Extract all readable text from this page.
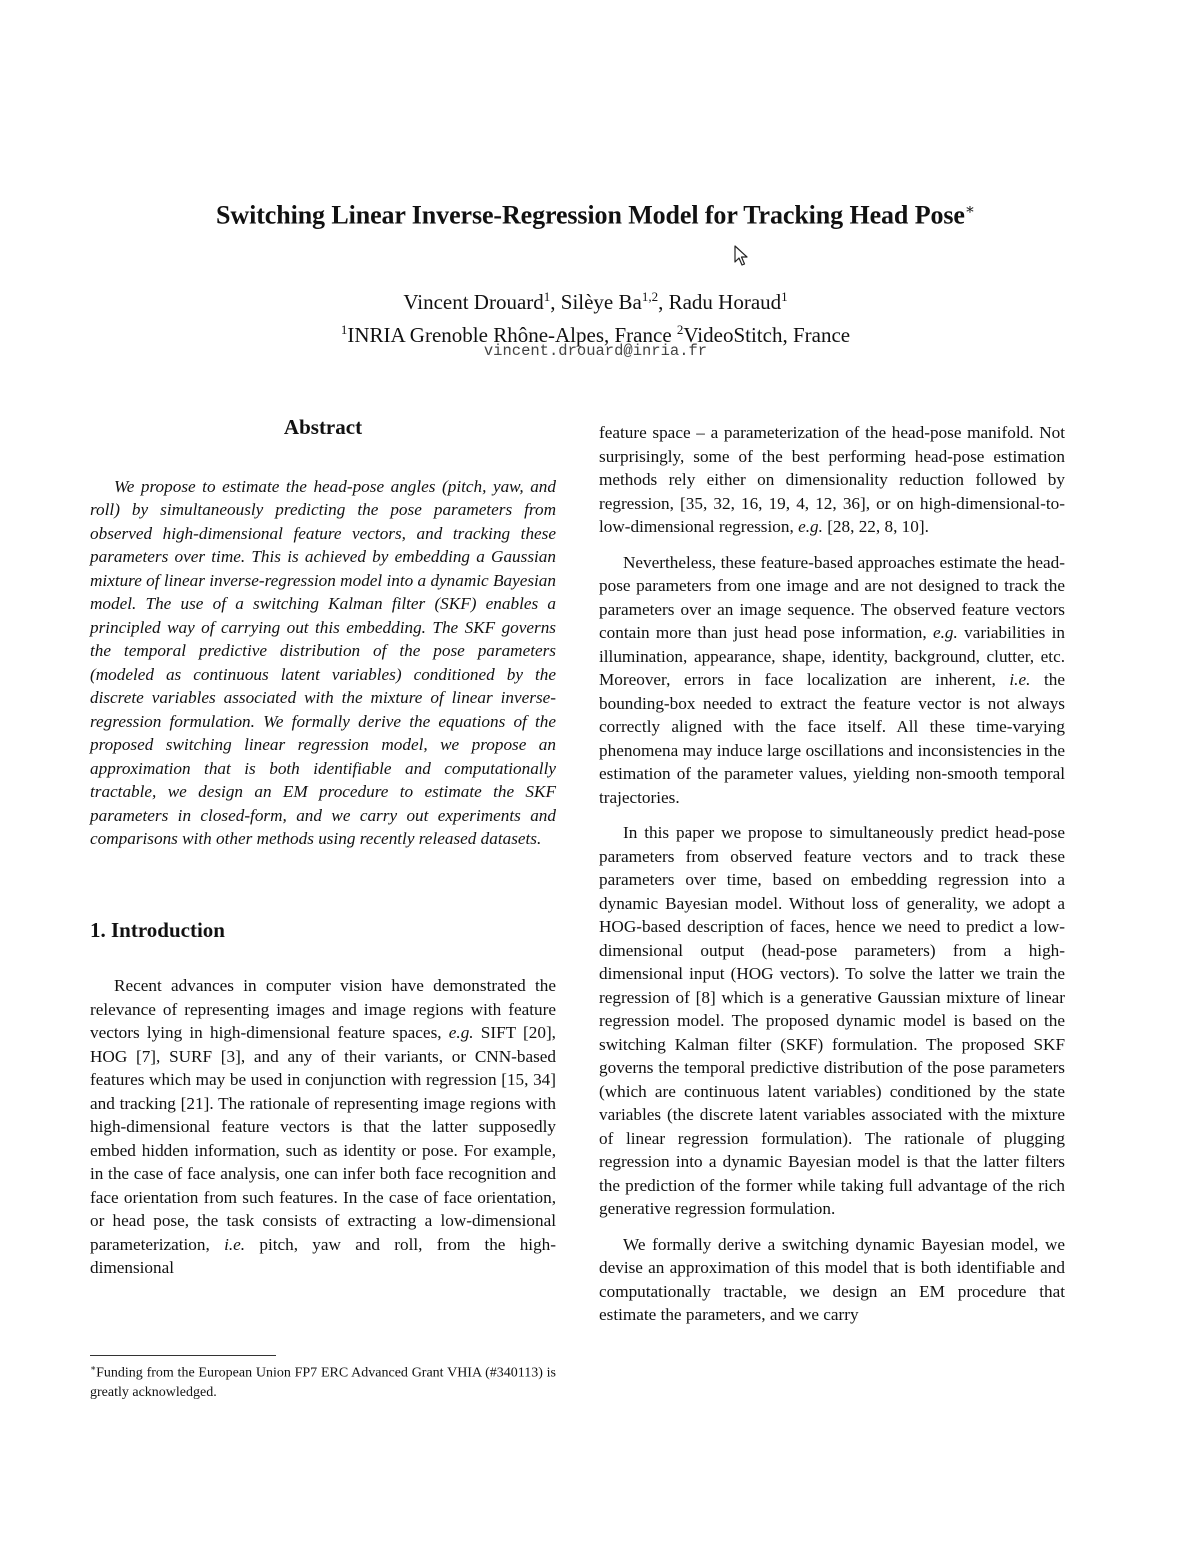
Switching Linear Inverse-Regression Model for Tracking Head Pose∗
Vincent Drouard$^1$, Silèye Ba$^{1,2}$, Radu Horaud$^1$
$^1$INRIA Grenoble Rhône-Alpes, France $^2$VideoStitch, France
vincent.drouard@inria.fr
Abstract

We propose to estimate the head-pose angles (pitch, yaw, and roll) by simultaneously predicting the pose parameters from observed high-dimensional feature vectors, and tracking these parameters over time. This is achieved by embedding a Gaussian mixture of linear inverse-regression model into a dynamic Bayesian model. The use of a switching Kalman filter (SKF) enables a principled way of carrying out this embedding. The SKF governs the temporal predictive distribution of the pose parameters (modeled as continuous latent variables) conditioned by the discrete variables associated with the mixture of linear inverse-regression formulation. We formally derive the equations of the proposed switching linear regression model, we propose an approximation that is both identifiable and computationally tractable, we design an EM procedure to estimate the SKF parameters in closed-form, and we carry out experiments and comparisons with other methods using recently released datasets.

1. Introduction

Recent advances in computer vision have demonstrated the relevance of representing images and image regions with feature vectors lying in high-dimensional feature spaces, e.g. SIFT [20], HOG [7], SURF [3], and any of their variants, or CNN-based features which may be used in conjunction with regression [15, 34] and tracking [21]. The rationale of representing image regions with high-dimensional feature vectors is that the latter supposedly embed hidden information, such as identity or pose. For example, in the case of face analysis, one can infer both face recognition and face orientation from such features. In the case of face orientation, or head pose, the task consists of extracting a low-dimensional parameterization, i.e. pitch, yaw and roll, from the high-dimensional

feature space – a parameterization of the head-pose manifold. Not surprisingly, some of the best performing head-pose estimation methods rely either on dimensionality reduction followed by regression, [35, 32, 16, 19, 4, 12, 36], or on high-dimensional-to-low-dimensional regression, e.g. [28, 22, 8, 10].

Nevertheless, these feature-based approaches estimate the head-pose parameters from one image and are not designed to track the parameters over an image sequence. The observed feature vectors contain more than just head pose information, e.g. variabilities in illumination, appearance, shape, identity, background, clutter, etc. Moreover, errors in face localization are inherent, i.e. the bounding-box needed to extract the feature vector is not always correctly aligned with the face itself. All these time-varying phenomena may induce large oscillations and inconsistencies in the estimation of the parameter values, yielding non-smooth temporal trajectories.

In this paper we propose to simultaneously predict head-pose parameters from observed feature vectors and to track these parameters over time, based on embedding regression into a dynamic Bayesian model. Without loss of generality, we adopt a HOG-based description of faces, hence we need to predict a low-dimensional output (head-pose parameters) from a high-dimensional input (HOG vectors). To solve the latter we train the regression of [8] which is a generative Gaussian mixture of linear regression model. The proposed dynamic model is based on the switching Kalman filter (SKF) formulation. The proposed SKF governs the temporal predictive distribution of the pose parameters (which are continuous latent variables) conditioned by the state variables (the discrete latent variables associated with the mixture of linear regression formulation). The rationale of plugging regression into a dynamic Bayesian model is that the latter filters the prediction of the former while taking full advantage of the rich generative regression formulation.

We formally derive a switching dynamic Bayesian model, we devise an approximation of this model that is both identifiable and computationally tractable, we design an EM procedure that estimate the parameters, and we carry

∗Funding from the European Union FP7 ERC Advanced Grant VHIA (#340113) is greatly acknowledged.
